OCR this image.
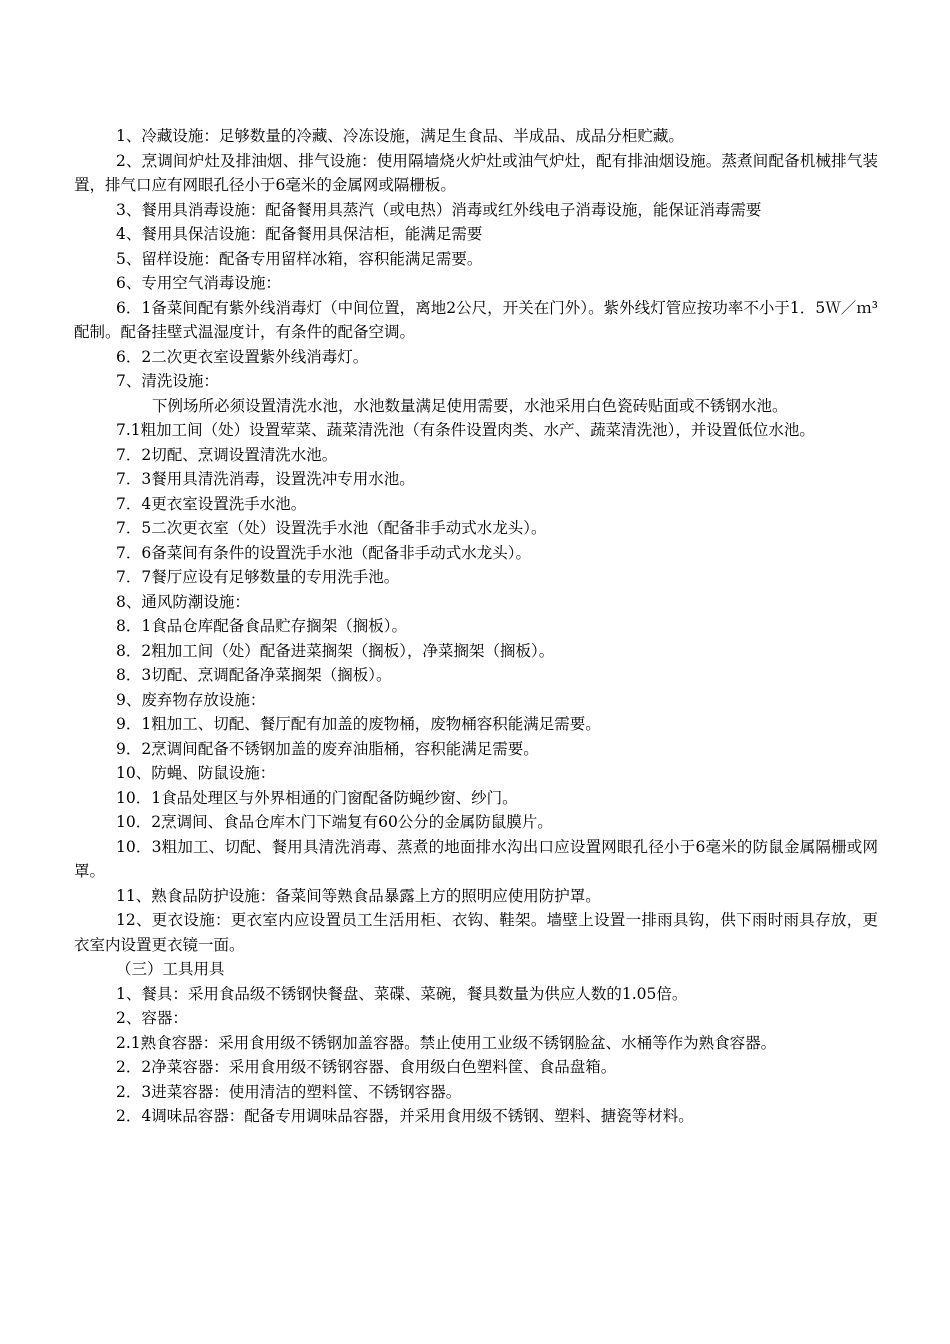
1、冷藏设施：足够数量的冷藏、冷冻设施，满足生食品、半成品、成品分柜贮藏。

2、烹调间炉灶及排油烟、排气设施：使用隔墙烧火炉灶或油气炉灶，配有排油烟设施。蒸煮间配备机械排气装置，排气口应有网眼孔径小于6毫米的金属网或隔栅板。

3、餐用具消毒设施：配备餐用具蒸汽（或电热）消毒或红外线电子消毒设施，能保证消毒需要

4、餐用具保洁设施：配备餐用具保洁柜，能满足需要

5、留样设施：配备专用留样冰箱，容积能满足需要。

6、专用空气消毒设施：

6．1备菜间配有紫外线消毒灯（中间位置，离地2公尺，开关在门外）。紫外线灯管应按功率不小于1．5Ｗ／ｍ³配制。配备挂壁式温湿度计，有条件的配备空调。

6．2二次更衣室设置紫外线消毒灯。

7、清洗设施：

下例场所必须设置清洗水池，水池数量满足使用需要，水池采用白色瓷砖贴面或不锈钢水池。

7.1粗加工间（处）设置荤菜、蔬菜清洗池（有条件设置肉类、水产、蔬菜清洗池），并设置低位水池。

7．2切配、烹调设置清洗水池。

7．3餐用具清洗消毒，设置洗冲专用水池。

7．4更衣室设置洗手水池。

7．5二次更衣室（处）设置洗手水池（配备非手动式水龙头）。

7．6备菜间有条件的设置洗手水池（配备非手动式水龙头）。

7．7餐厅应设有足够数量的专用洗手池。

8、通风防潮设施：

8．1食品仓库配备食品贮存搁架（搁板）。

8．2粗加工间（处）配备进菜搁架（搁板），净菜搁架（搁板）。

8．3切配、烹调配备净菜搁架（搁板）。

9、废弃物存放设施：

9．1粗加工、切配、餐厅配有加盖的废物桶，废物桶容积能满足需要。

9．2烹调间配备不锈钢加盖的废弃油脂桶，容积能满足需要。

10、防蝇、防鼠设施：

10．1食品处理区与外界相通的门窗配备防蝇纱窗、纱门。

10．2烹调间、食品仓库木门下端复有60公分的金属防鼠膜片。

10．3粗加工、切配、餐用具清洗消毒、蒸煮的地面排水沟出口应设置网眼孔径小于6毫米的防鼠金属隔栅或网罩。

11、熟食品防护设施：备菜间等熟食品暴露上方的照明应使用防护罩。

12、更衣设施：更衣室内应设置员工生活用柜、衣钩、鞋架。墙壁上设置一排雨具钩，供下雨时雨具存放，更衣室内设置更衣镜一面。

（三）工具用具

1、餐具：采用食品级不锈钢快餐盘、菜碟、菜碗，餐具数量为供应人数的1.05倍。

2、容器：

2.1熟食容器：采用食用级不锈钢加盖容器。禁止使用工业级不锈钢脸盆、水桶等作为熟食容器。

2．2净菜容器：采用食用级不锈钢容器、食用级白色塑料筐、食品盘箱。

2．3进菜容器：使用清洁的塑料筐、不锈钢容器。

2．4调味品容器：配备专用调味品容器，并采用食用级不锈钢、塑料、搪瓷等材料。
